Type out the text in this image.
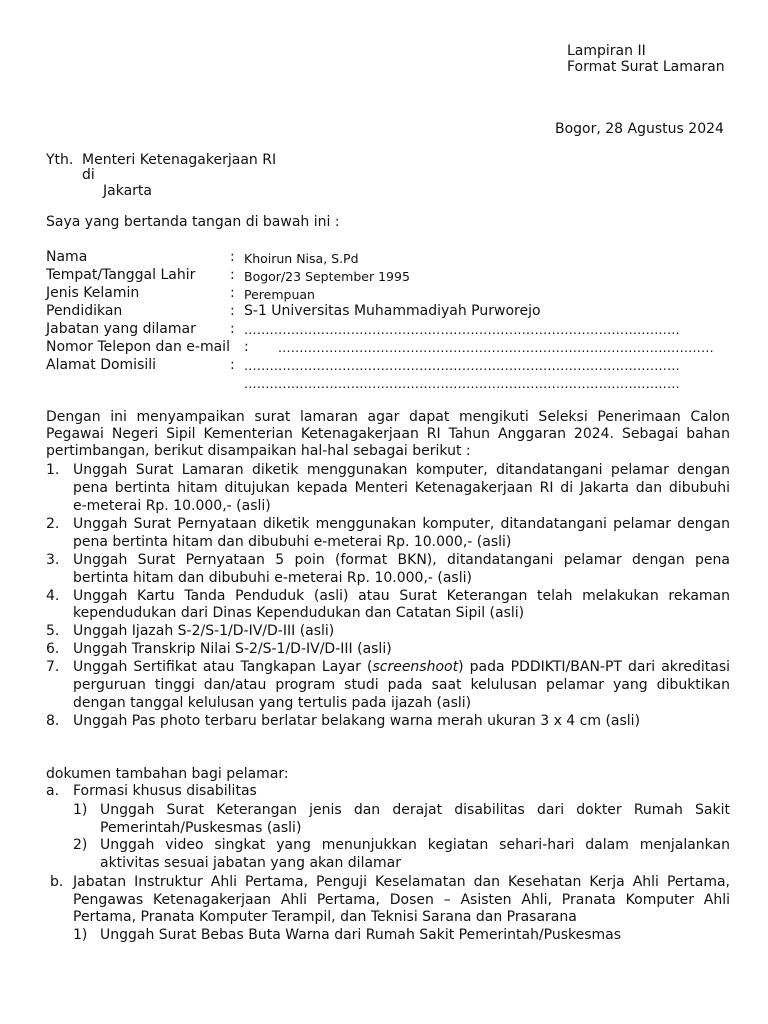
Lampiran II
Format Surat Lamaran
Bogor, 28 Agustus 2024
Yth. Menteri Ketenagakerjaan RI
di
Jakarta
Saya yang bertanda tangan di bawah ini :
Nama	: Khoirun Nisa, S.Pd
Tempat/Tanggal Lahir : Bogor/23 September 1995
Jenis Kelamin	: Perempuan
Pendidikan	: S-1 Universitas Muhammadiyah Purworejo
Jabatan yang dilamar : ......................................................................................................
Nomor Telepon dan e-mail : ......................................................................................................
Alamat Domisili	: ......................................................................................................
......................................................................................................
Dengan ini menyampaikan surat lamaran agar dapat mengikuti Seleksi Penerimaan Calon
Pegawai Negeri Sipil Kementerian Ketenagakerjaan RI Tahun Anggaran 2024. Sebagai bahan
pertimbangan, berikut disampaikan hal-hal sebagai berikut :
1. Unggah Surat Lamaran diketik menggunakan komputer, ditandatangani pelamar dengan
pena bertinta hitam ditujukan kepada Menteri Ketenagakerjaan RI di Jakarta dan dibubuhi
e-meterai Rp. 10.000,- (asli)
2. Unggah Surat Pernyataan diketik menggunakan komputer, ditandatangani pelamar dengan
pena bertinta hitam dan dibubuhi e-meterai Rp. 10.000,- (asli)
3. Unggah Surat Pernyataan 5 poin (format BKN), ditandatangani pelamar dengan pena
bertinta hitam dan dibubuhi e-meterai Rp. 10.000,- (asli)
4. Unggah Kartu Tanda Penduduk (asli) atau Surat Keterangan telah melakukan rekaman
kependudukan dari Dinas Kependudukan dan Catatan Sipil (asli)
5. Unggah Ijazah S-2/S-1/D-IV/D-III (asli)
6. Unggah Transkrip Nilai S-2/S-1/D-IV/D-III (asli)
7. Unggah Sertifikat atau Tangkapan Layar (screenshoot) pada PDDIKTI/BAN-PT dari akreditasi
perguruan tinggi dan/atau program studi pada saat kelulusan pelamar yang dibuktikan
dengan tanggal kelulusan yang tertulis pada ijazah (asli)
8. Unggah Pas photo terbaru berlatar belakang warna merah ukuran 3 x 4 cm (asli)
dokumen tambahan bagi pelamar:
a. Formasi khusus disabilitas
1) Unggah Surat Keterangan jenis dan derajat disabilitas dari dokter Rumah Sakit
Pemerintah/Puskesmas (asli)
2) Unggah video singkat yang menunjukkan kegiatan sehari-hari dalam menjalankan
aktivitas sesuai jabatan yang akan dilamar
b. Jabatan Instruktur Ahli Pertama, Penguji Keselamatan dan Kesehatan Kerja Ahli Pertama,
Pengawas Ketenagakerjaan Ahli Pertama, Dosen – Asisten Ahli, Pranata Komputer Ahli
Pertama, Pranata Komputer Terampil, dan Teknisi Sarana dan Prasarana
1) Unggah Surat Bebas Buta Warna dari Rumah Sakit Pemerintah/Puskesmas
